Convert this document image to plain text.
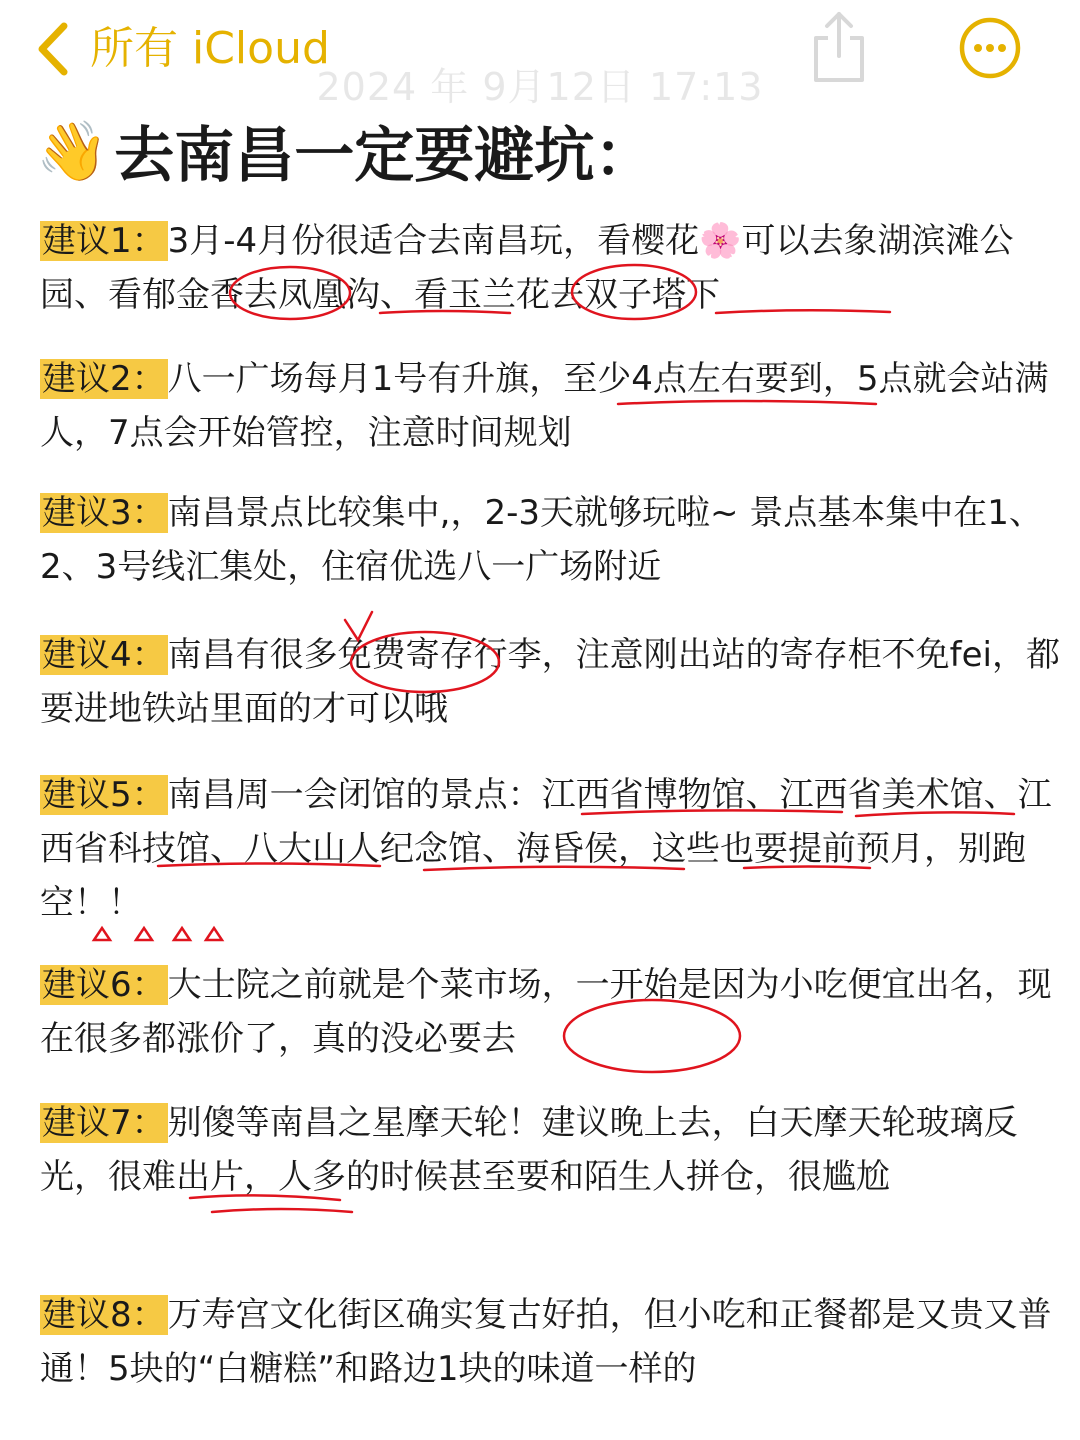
所有 iCloud
2024 年 9月12日 17:13
👋 去南昌一定要避坑：
建议1：3月-4月份很适合去南昌玩，看樱花🌸可以去象湖滨滩公园、看郁金香去凤凰沟、看玉兰花去双子塔下
建议2：八一广场每月1号有升旗，至少4点左右要到，5点就会站满人，7点会开始管控，注意时间规划
建议3：南昌景点比较集中,，2-3天就够玩啦~ 景点基本集中在1、2、3号线汇集处，住宿优选八一广场附近
建议4：南昌有很多免费寄存行李，注意刚出站的寄存柜不免fei，都要进地铁站里面的才可以哦
建议5：南昌周一会闭馆的景点：江西省博物馆、江西省美术馆、江西省科技馆、八大山人纪念馆、海昏侯，这些也要提前预月，别跑空！！
建议6：大士院之前就是个菜市场，一开始是因为小吃便宜出名，现在很多都涨价了，真的没必要去
建议7：别傻等南昌之星摩天轮！建议晚上去，白天摩天轮玻璃反光，很难出片，人多的时候甚至要和陌生人拼仓，很尴尬
建议8：万寿宫文化街区确实复古好拍，但小吃和正餐都是又贵又普通！5块的“白糖糕”和路边1块的味道一样的
